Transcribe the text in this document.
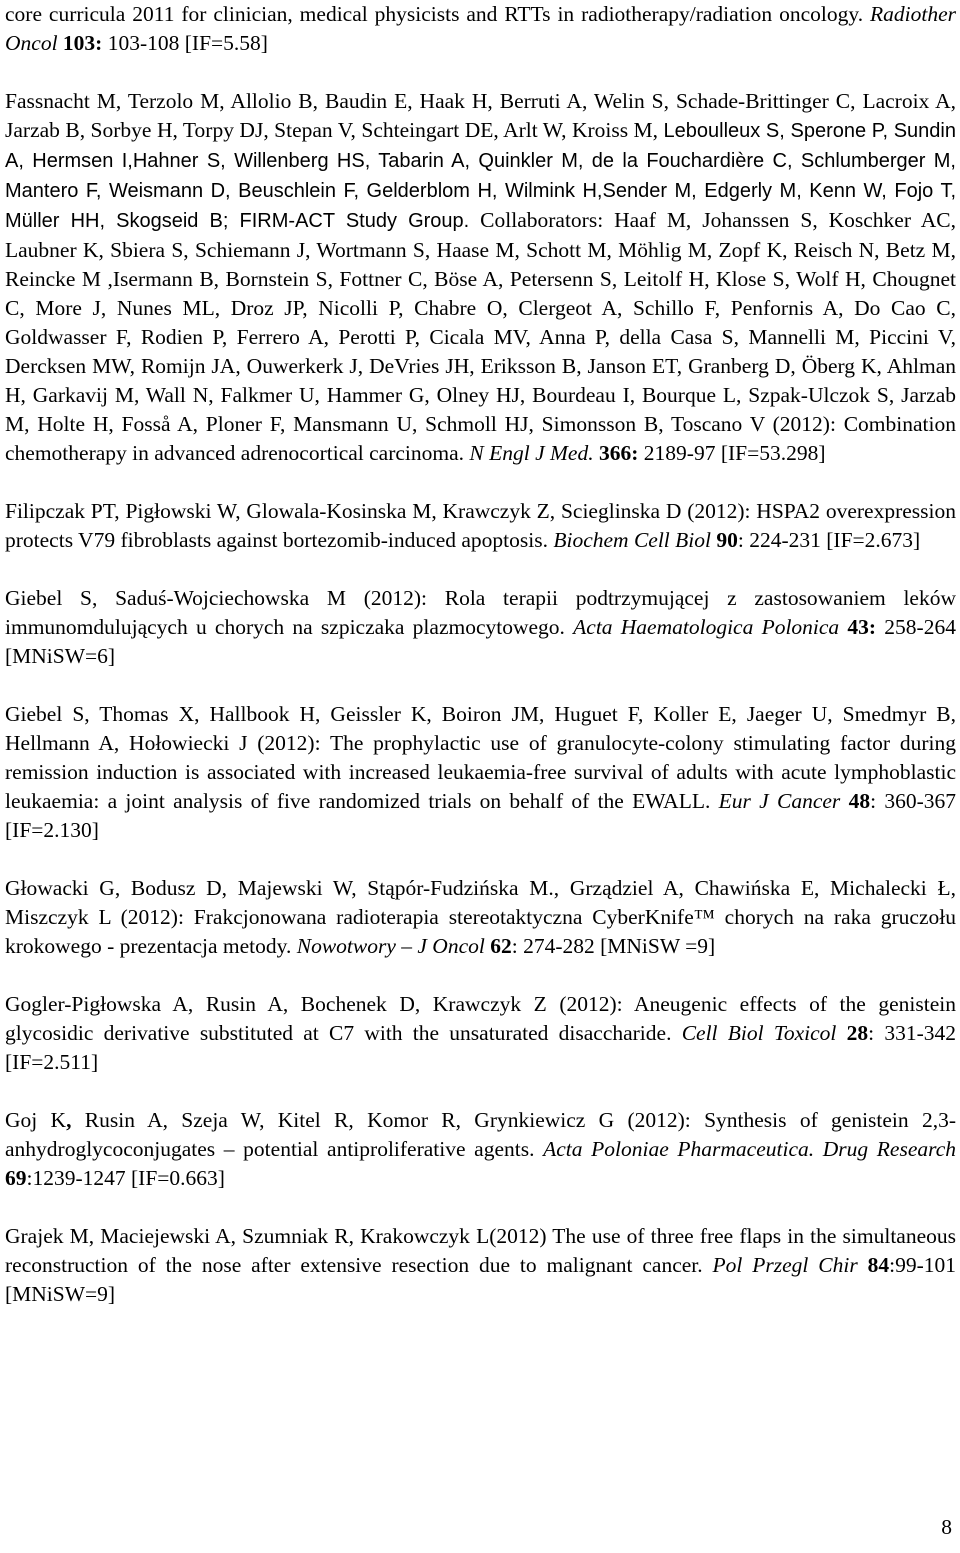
core curricula 2011 for clinician, medical physicists and RTTs in radiotherapy/radiation oncology. Radiother Oncol 103: 103-108 [IF=5.58]

Fassnacht M, Terzolo M, Allolio B, Baudin E, Haak H, Berruti A, Welin S, Schade-Brittinger C, Lacroix A, Jarzab B, Sorbye H, Torpy DJ, Stepan V, Schteingart DE, Arlt W, Kroiss M, Leboulleux S, Sperone P, Sundin A, Hermsen I,Hahner S, Willenberg HS, Tabarin A, Quinkler M, de la Fouchardière C, Schlumberger M, Mantero F, Weismann D, Beuschlein F, Gelderblom H, Wilmink H,Sender M, Edgerly M, Kenn W, Fojo T, Müller HH, Skogseid B; FIRM-ACT Study Group. Collaborators: Haaf M, Johanssen S, Koschker AC, Laubner K, Sbiera S, Schiemann J, Wortmann S, Haase M, Schott M, Möhlig M, Zopf K, Reisch N, Betz M, Reincke M ,Isermann B, Bornstein S, Fottner C, Böse A, Petersenn S, Leitolf H, Klose S, Wolf H, Chougnet C, More J, Nunes ML, Droz JP, Nicolli P, Chabre O, Clergeot A, Schillo F, Penfornis A, Do Cao C, Goldwasser F, Rodien P, Ferrero A, Perotti P, Cicala MV, Anna P, della Casa S, Mannelli M, Piccini V, Dercksen MW, Romijn JA, Ouwerkerk J, DeVries JH, Eriksson B, Janson ET, Granberg D, Öberg K, Ahlman H, Garkavij M, Wall N, Falkmer U, Hammer G, Olney HJ, Bourdeau I, Bourque L, Szpak-Ulczok S, Jarzab M, Holte H, Fosså A, Ploner F, Mansmann U, Schmoll HJ, Simonsson B, Toscano V (2012): Combination chemotherapy in advanced adrenocortical carcinoma. N Engl J Med. 366: 2189-97 [IF=53.298]

Filipczak PT, Pigłowski W, Glowala-Kosinska M, Krawczyk Z, Scieglinska D (2012): HSPA2 overexpression protects V79 fibroblasts against bortezomib-induced apoptosis. Biochem Cell Biol 90: 224-231 [IF=2.673]

Giebel S, Saduś-Wojciechowska M (2012): Rola terapii podtrzymującej z zastosowaniem leków immunomdulujących u chorych na szpiczaka plazmocytowego. Acta Haematologica Polonica 43: 258-264 [MNiSW=6]

Giebel S, Thomas X, Hallbook H, Geissler K, Boiron JM, Huguet F, Koller E, Jaeger U, Smedmyr B, Hellmann A, Hołowiecki J (2012): The prophylactic use of granulocyte-colony stimulating factor during remission induction is associated with increased leukaemia-free survival of adults with acute lymphoblastic leukaemia: a joint analysis of five randomized trials on behalf of the EWALL. Eur J Cancer 48: 360-367 [IF=2.130]

Głowacki G, Bodusz D, Majewski W, Stąpór-Fudzińska M., Grządziel A, Chawińska E, Michalecki Ł, Miszczyk L (2012): Frakcjonowana radioterapia stereotaktyczna CyberKnife™ chorych na raka gruczołu krokowego - prezentacja metody. Nowotwory – J Oncol 62: 274-282 [MNiSW =9]

Gogler-Pigłowska A, Rusin A, Bochenek D, Krawczyk Z (2012): Aneugenic effects of the genistein glycosidic derivative substituted at C7 with the unsaturated disaccharide. Cell Biol Toxicol 28: 331-342 [IF=2.511]

Goj K, Rusin A, Szeja W, Kitel R, Komor R, Grynkiewicz G (2012): Synthesis of genistein 2,3-anhydroglycoconjugates – potential antiproliferative agents. Acta Poloniae Pharmaceutica. Drug Research 69:1239-1247 [IF=0.663]

Grajek M, Maciejewski A, Szumniak R, Krakowczyk L(2012) The use of three free flaps in the simultaneous reconstruction of the nose after extensive resection due to malignant cancer. Pol Przegl Chir 84:99-101 [MNiSW=9]

8
